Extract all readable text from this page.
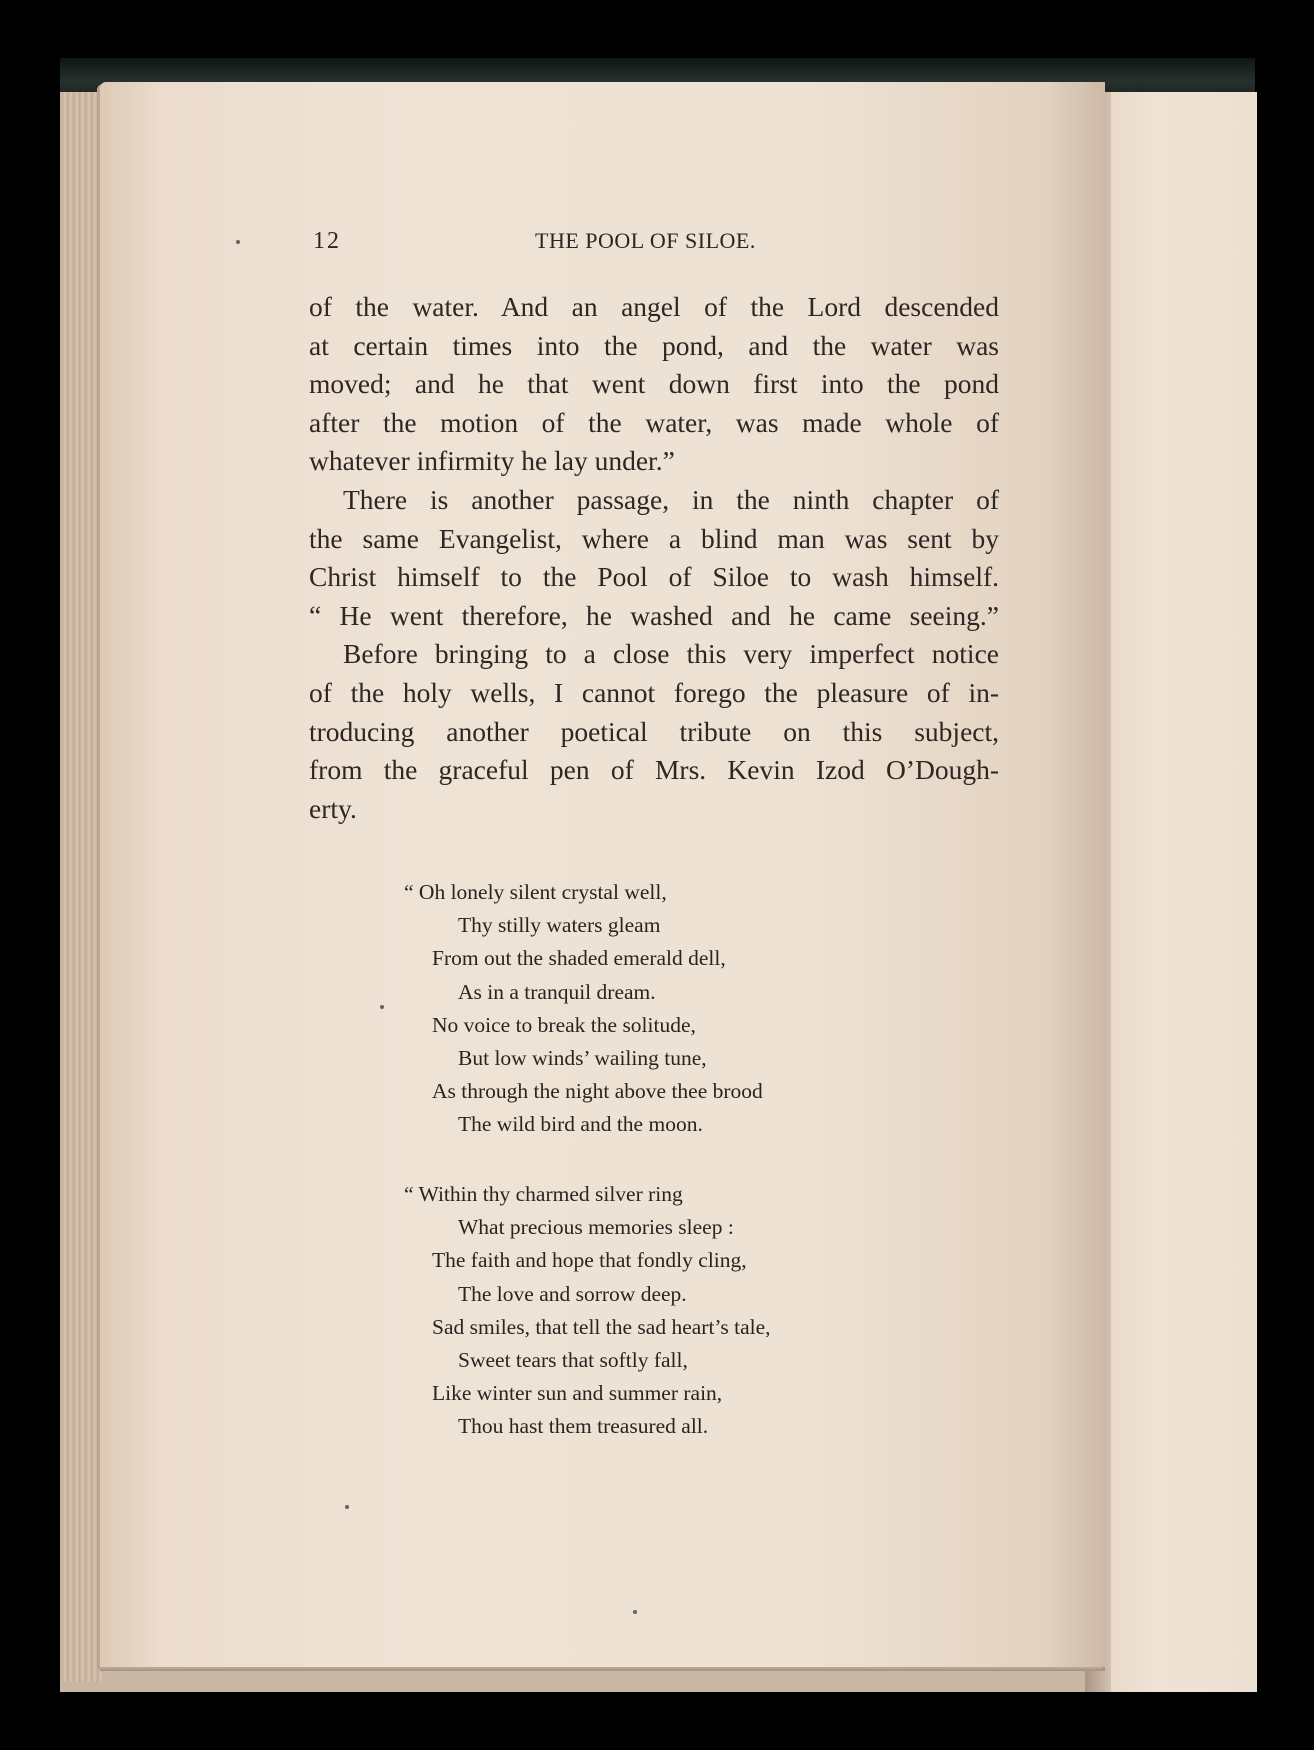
12	THE POOL OF SILOE.
of the water. And an angel of the Lord descended
at certain times into the pond, and the water was
moved; and he that went down first into the pond
after the motion of the water, was made whole of
whatever infirmity he lay under.”
There is another passage, in the ninth chapter of
the same Evangelist, where a blind man was sent by
Christ himself to the Pool of Siloe to wash himself.
“ He went therefore, he washed and he came seeing.”
Before bringing to a close this very imperfect notice
of the holy wells, I cannot forego the pleasure of in-
troducing another poetical tribute on this subject,
from the graceful pen of Mrs. Kevin Izod O’Dough-
erty.
“ Oh lonely silent crystal well,
Thy stilly waters gleam
From out the shaded emerald dell,
As in a tranquil dream.
No voice to break the solitude,
But low winds’ wailing tune,
As through the night above thee brood
The wild bird and the moon.
“ Within thy charmed silver ring
What precious memories sleep :
The faith and hope that fondly cling,
The love and sorrow deep.
Sad smiles, that tell the sad heart’s tale,
Sweet tears that softly fall,
Like winter sun and summer rain,
Thou hast them treasured all.
